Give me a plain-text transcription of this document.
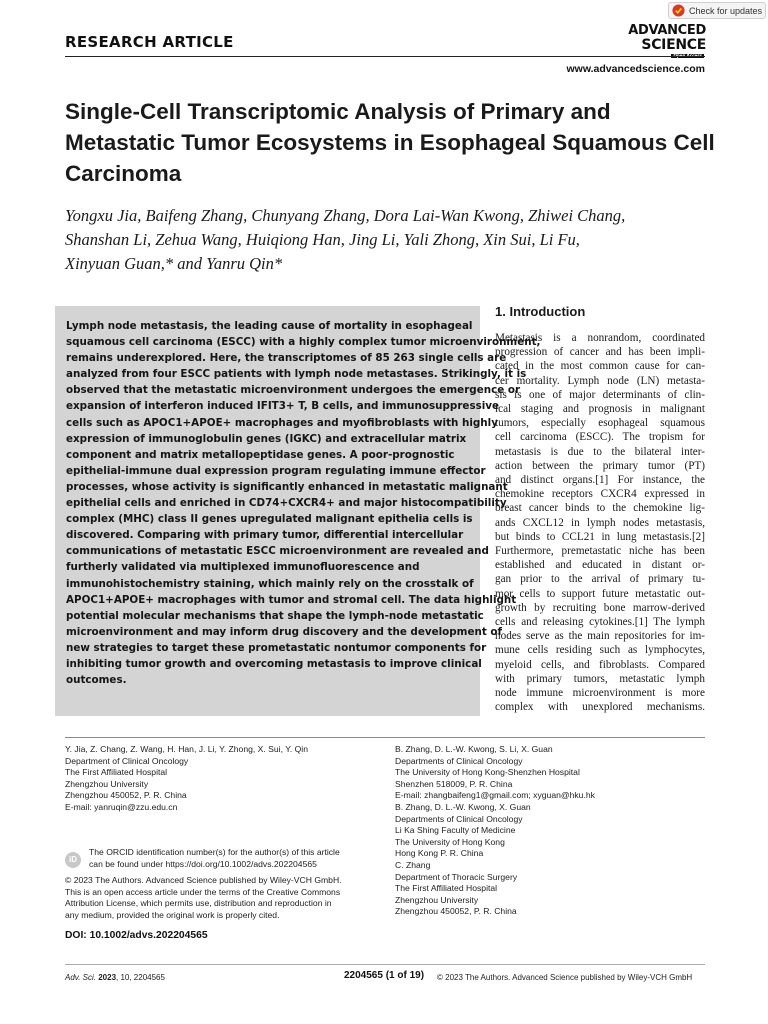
Check for updates
RESEARCH ARTICLE
ADVANCED
SCIENCE
www.advancedscience.com
Single-Cell Transcriptomic Analysis of Primary and
Metastatic Tumor Ecosystems in Esophageal Squamous Cell
Carcinoma
Yongxu Jia, Baifeng Zhang, Chunyang Zhang, Dora Lai-Wan Kwong, Zhiwei Chang,
Shanshan Li, Zehua Wang, Huiqiong Han, Jing Li, Yali Zhong, Xin Sui, Li Fu,
Xinyuan Guan,* and Yanru Qin*
Lymph node metastasis, the leading cause of mortality in esophageal
squamous cell carcinoma (ESCC) with a highly complex tumor microenvironment,
remains underexplored. Here, the transcriptomes of 85 263 single cells are
analyzed from four ESCC patients with lymph node metastases. Strikingly, it is
observed that the metastatic microenvironment undergoes the emergence or
expansion of interferon induced IFIT3+ T, B cells, and immunosuppressive
cells such as APOC1+APOE+ macrophages and myofibroblasts with highly
expression of immunoglobulin genes (IGKC) and extracellular matrix
component and matrix metallopeptidase genes. A poor-prognostic
epithelial-immune dual expression program regulating immune effector
processes, whose activity is significantly enhanced in metastatic malignant
epithelial cells and enriched in CD74+CXCR4+ and major histocompatibility
complex (MHC) class II genes upregulated malignant epithelia cells is
discovered. Comparing with primary tumor, differential intercellular
communications of metastatic ESCC microenvironment are revealed and
furtherly validated via multiplexed immunofluorescence and
immunohistochemistry staining, which mainly rely on the crosstalk of
APOC1+APOE+ macrophages with tumor and stromal cell. The data highlight
potential molecular mechanisms that shape the lymph-node metastatic
microenvironment and may inform drug discovery and the development of
new strategies to target these prometastatic nontumor components for
inhibiting tumor growth and overcoming metastasis to improve clinical
outcomes.
1. Introduction
Metastasis is a nonrandom, coordinated
progression of cancer and has been impli-
cated in the most common cause for can-
cer mortality. Lymph node (LN) metasta-
sis is one of major determinants of clin-
ical staging and prognosis in malignant
tumors, especially esophageal squamous
cell carcinoma (ESCC). The tropism for
metastasis is due to the bilateral inter-
action between the primary tumor (PT)
and distinct organs.[1] For instance, the
chemokine receptors CXCR4 expressed in
breast cancer binds to the chemokine lig-
ands CXCL12 in lymph nodes metastasis,
but binds to CCL21 in lung metastasis.[2]
Furthermore, premetastatic niche has been
established and educated in distant or-
gan prior to the arrival of primary tu-
mor cells to support future metastatic out-
growth by recruiting bone marrow-derived
cells and releasing cytokines.[1] The lymph
nodes serve as the main repositories for im-
mune cells residing such as lymphocytes,
myeloid cells, and fibroblasts. Compared
with primary tumors, metastatic lymph
node immune microenvironment is more
complex with unexplored mechanisms.
Y. Jia, Z. Chang, Z. Wang, H. Han, J. Li, Y. Zhong, X. Sui, Y. Qin
Department of Clinical Oncology
The First Affiliated Hospital
Zhengzhou University
Zhengzhou 450052, P. R. China
E-mail: yanruqin@zzu.edu.cn
B. Zhang, D. L.-W. Kwong, S. Li, X. Guan
Departments of Clinical Oncology
The University of Hong Kong-Shenzhen Hospital
Shenzhen 518009, P. R. China
E-mail: zhangbaifeng1@gmail.com; xyguan@hku.hk
B. Zhang, D. L.-W. Kwong, X. Guan
Departments of Clinical Oncology
Li Ka Shing Faculty of Medicine
The University of Hong Kong
Hong Kong P. R. China
C. Zhang
Department of Thoracic Surgery
The First Affiliated Hospital
Zhengzhou University
Zhengzhou 450052, P. R. China
iD
The ORCID identification number(s) for the author(s) of this article
can be found under https://doi.org/10.1002/advs.202204565
© 2023 The Authors. Advanced Science published by Wiley-VCH GmbH.
This is an open access article under the terms of the Creative Commons
Attribution License, which permits use, distribution and reproduction in
any medium, provided the original work is properly cited.
DOI: 10.1002/advs.202204565
Adv. Sci. 2023, 10, 2204565	2204565 (1 of 19) © 2023 The Authors. Advanced Science published by Wiley-VCH GmbH
